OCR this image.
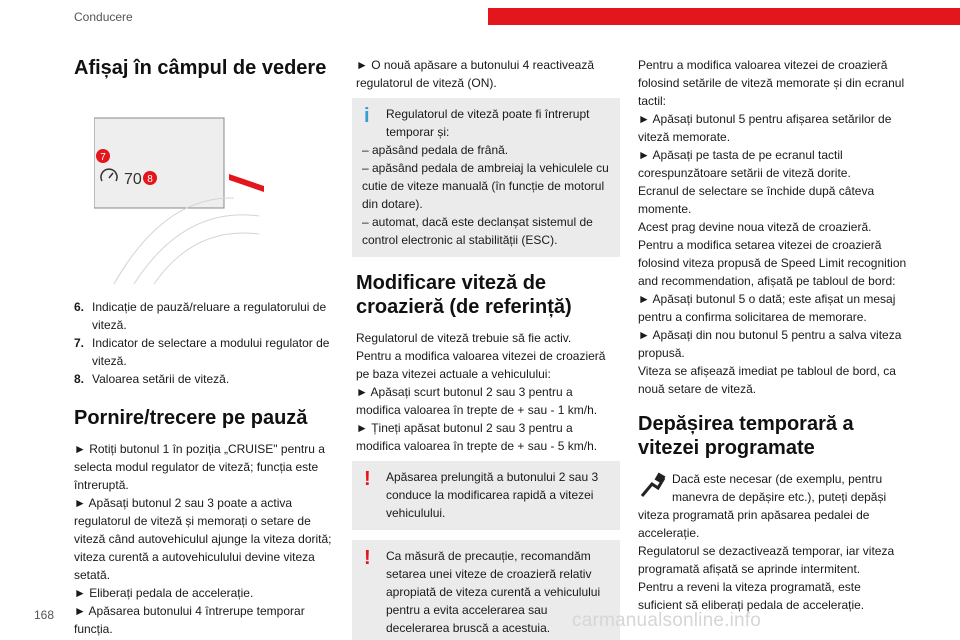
Conducere
Afișaj în câmpul de vedere
7
70 8
6. Indicație de pauză/reluare a regulatorului de viteză.
7. Indicator de selectare a modului regulator de viteză.
8. Valoarea setării de viteză.
Pornire/trecere pe pauză

► Rotiți butonul 1 în poziția „CRUISE" pentru a selecta modul regulator de viteză; funcția este întreruptă.

► Apăsați butonul 2 sau 3 poate a activa regulatorul de viteză și memorați o setare de viteză când autovehiculul ajunge la viteza dorită; viteza curentă a autovehiculului devine viteza setată.

► Eliberați pedala de accelerație.

► Apăsarea butonului 4 întrerupe temporar funcția.

► O nouă apăsare a butonului 4 reactivează regulatorul de viteză (ON).

i	Regulatorul de viteză poate fi întrerupt temporar și:

– apăsând pedala de frână.

– apăsând pedala de ambreiaj la vehiculele cu cutie de viteze manuală (în funcție de motorul din dotare).

– automat, dacă este declanșat sistemul de control electronic al stabilității (ESC).

Modificare viteză de croazieră (de referință)

Regulatorul de viteză trebuie să fie activ.

Pentru a modifica valoarea vitezei de croazieră pe baza vitezei actuale a vehiculului:

► Apăsați scurt butonul 2 sau 3 pentru a modifica valoarea în trepte de + sau - 1 km/h.

► Țineți apăsat butonul 2 sau 3 pentru a modifica valoarea în trepte de + sau - 5 km/h.

!	Apăsarea prelungită a butonului 2 sau 3 conduce la modificarea rapidă a vitezei vehiculului.

!	Ca măsură de precauție, recomandăm setarea unei viteze de croazieră relativ apropiată de viteza curentă a vehiculului pentru a evita accelerarea sau decelerarea bruscă a acestuia.

Pentru a modifica valoarea vitezei de croazieră folosind setările de viteză memorate și din ecranul tactil:

► Apăsați butonul 5 pentru afișarea setărilor de viteză memorate.

► Apăsați pe tasta de pe ecranul tactil corespunzătoare setării de viteză dorite.

Ecranul de selectare se închide după câteva momente.

Acest prag devine noua viteză de croazieră.

Pentru a modifica setarea vitezei de croazieră folosind viteza propusă de Speed Limit recognition and recommendation, afișată pe tabloul de bord:

► Apăsați butonul 5 o dată; este afișat un mesaj pentru a confirma solicitarea de memorare.

► Apăsați din nou butonul 5 pentru a salva viteza propusă.

Viteza se afișează imediat pe tabloul de bord, ca nouă setare de viteză.

Depășirea temporară a vitezei programate

Dacă este necesar (de exemplu, pentru manevra de depășire etc.), puteți depăși viteza programată prin apăsarea pedalei de accelerație.

Regulatorul se dezactivează temporar, iar viteza programată afișată se aprinde intermitent.

Pentru a reveni la viteza programată, este suficient să eliberați pedala de accelerație.

168	carmanualsonline.info
